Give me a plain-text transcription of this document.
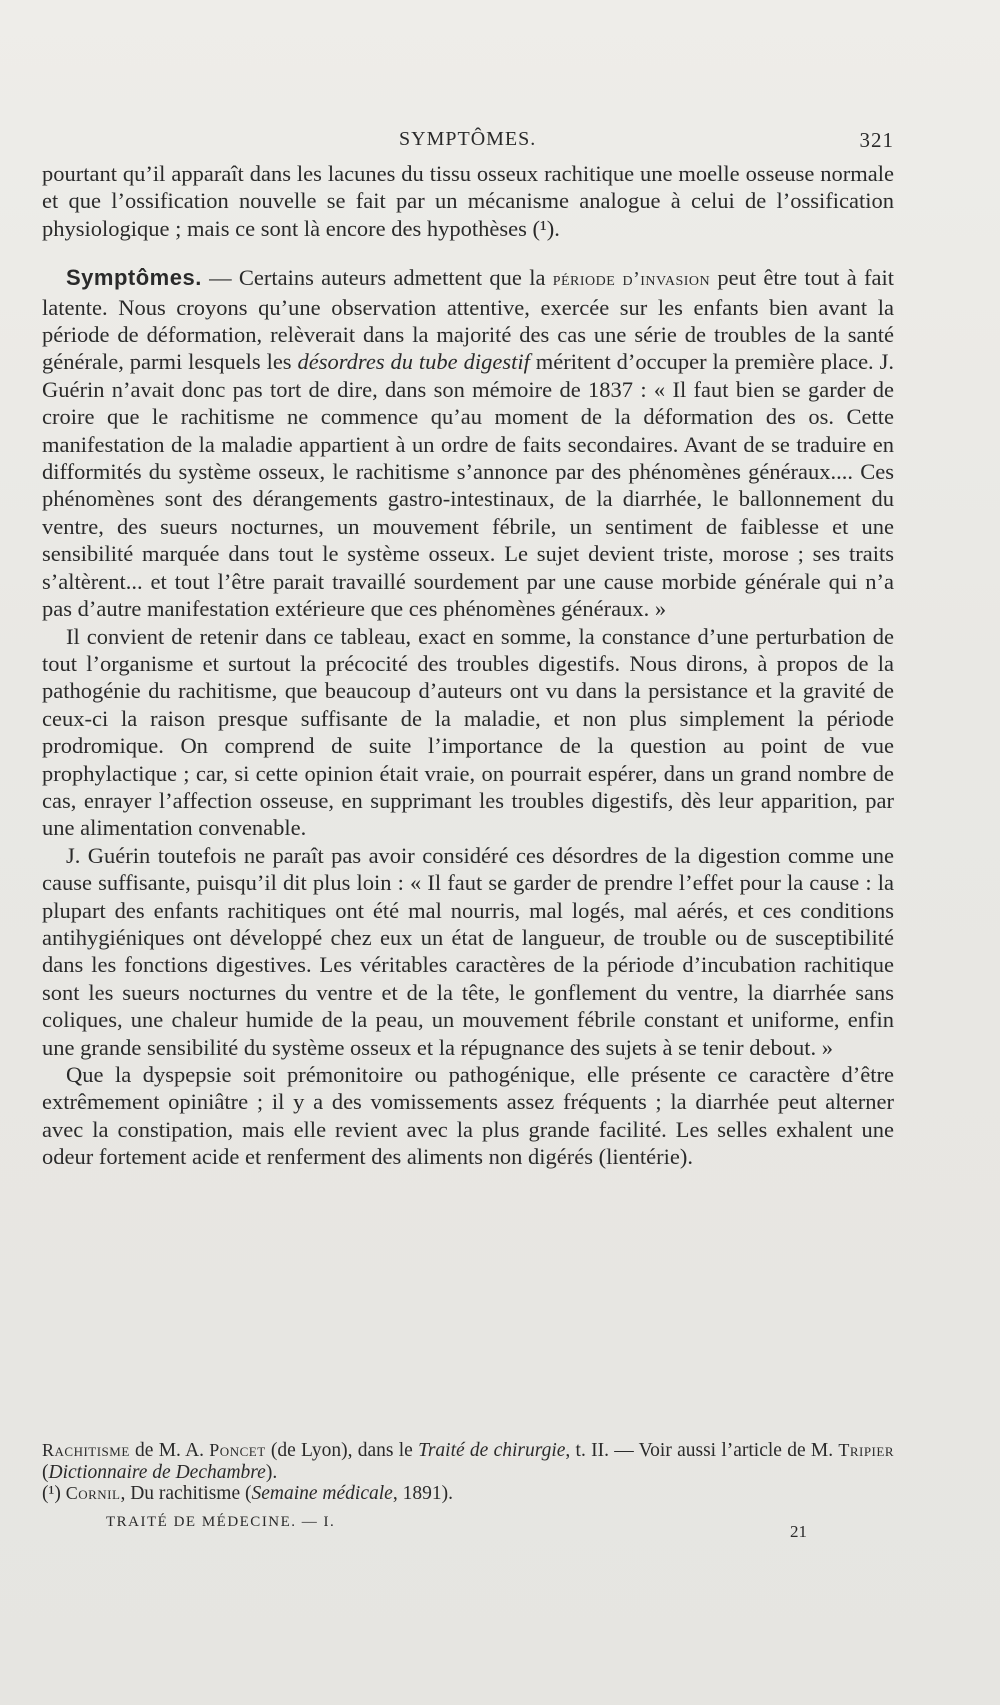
SYMPTÔMES.	321

pourtant qu’il apparaît dans les lacunes du tissu osseux rachitique une moelle osseuse normale et que l’ossification nouvelle se fait par un mécanisme analogue à celui de l’ossification physiologique ; mais ce sont là encore des hypothèses (¹).

Symptômes. — Certains auteurs admettent que la période d’invasion peut être tout à fait latente. Nous croyons qu’une observation attentive, exercée sur les enfants bien avant la période de déformation, relèverait dans la majorité des cas une série de troubles de la santé générale, parmi lesquels les désordres du tube digestif méritent d’occuper la première place. J. Guérin n’avait donc pas tort de dire, dans son mémoire de 1837 : « Il faut bien se garder de croire que le rachitisme ne commence qu’au moment de la déformation des os. Cette manifestation de la maladie appartient à un ordre de faits secondaires. Avant de se traduire en difformités du système osseux, le rachitisme s’annonce par des phénomènes généraux.... Ces phénomènes sont des dérangements gastro-intestinaux, de la diarrhée, le ballonnement du ventre, des sueurs nocturnes, un mouvement fébrile, un sentiment de faiblesse et une sensibilité marquée dans tout le système osseux. Le sujet devient triste, morose ; ses traits s’altèrent... et tout l’être parait travaillé sourdement par une cause morbide générale qui n’a pas d’autre manifestation extérieure que ces phénomènes généraux. »

Il convient de retenir dans ce tableau, exact en somme, la constance d’une perturbation de tout l’organisme et surtout la précocité des troubles digestifs. Nous dirons, à propos de la pathogénie du rachitisme, que beaucoup d’auteurs ont vu dans la persistance et la gravité de ceux-ci la raison presque suffisante de la maladie, et non plus simplement la période prodromique. On comprend de suite l’importance de la question au point de vue prophylactique ; car, si cette opinion était vraie, on pourrait espérer, dans un grand nombre de cas, enrayer l’affection osseuse, en supprimant les troubles digestifs, dès leur apparition, par une alimentation convenable.

J. Guérin toutefois ne paraît pas avoir considéré ces désordres de la digestion comme une cause suffisante, puisqu’il dit plus loin : « Il faut se garder de prendre l’effet pour la cause : la plupart des enfants rachitiques ont été mal nourris, mal logés, mal aérés, et ces conditions antihygiéniques ont développé chez eux un état de langueur, de trouble ou de susceptibilité dans les fonctions digestives. Les véritables caractères de la période d’incubation rachitique sont les sueurs nocturnes du ventre et de la tête, le gonflement du ventre, la diarrhée sans coliques, une chaleur humide de la peau, un mouvement fébrile constant et uniforme, enfin une grande sensibilité du système osseux et la répugnance des sujets à se tenir debout. »

Que la dyspepsie soit prémonitoire ou pathogénique, elle présente ce caractère d’être extrêmement opiniâtre ; il y a des vomissements assez fréquents ; la diarrhée peut alterner avec la constipation, mais elle revient avec la plus grande facilité. Les selles exhalent une odeur fortement acide et renferment des aliments non digérés (lientérie).

Rachitisme de M. A. Poncet (de Lyon), dans le Traité de chirurgie, t. II. — Voir aussi l’article de M. Tripier (Dictionnaire de Dechambre).

(¹) Cornil, Du rachitisme (Semaine médicale, 1891).

TRAITÉ DE MÉDECINE. — I.	21
